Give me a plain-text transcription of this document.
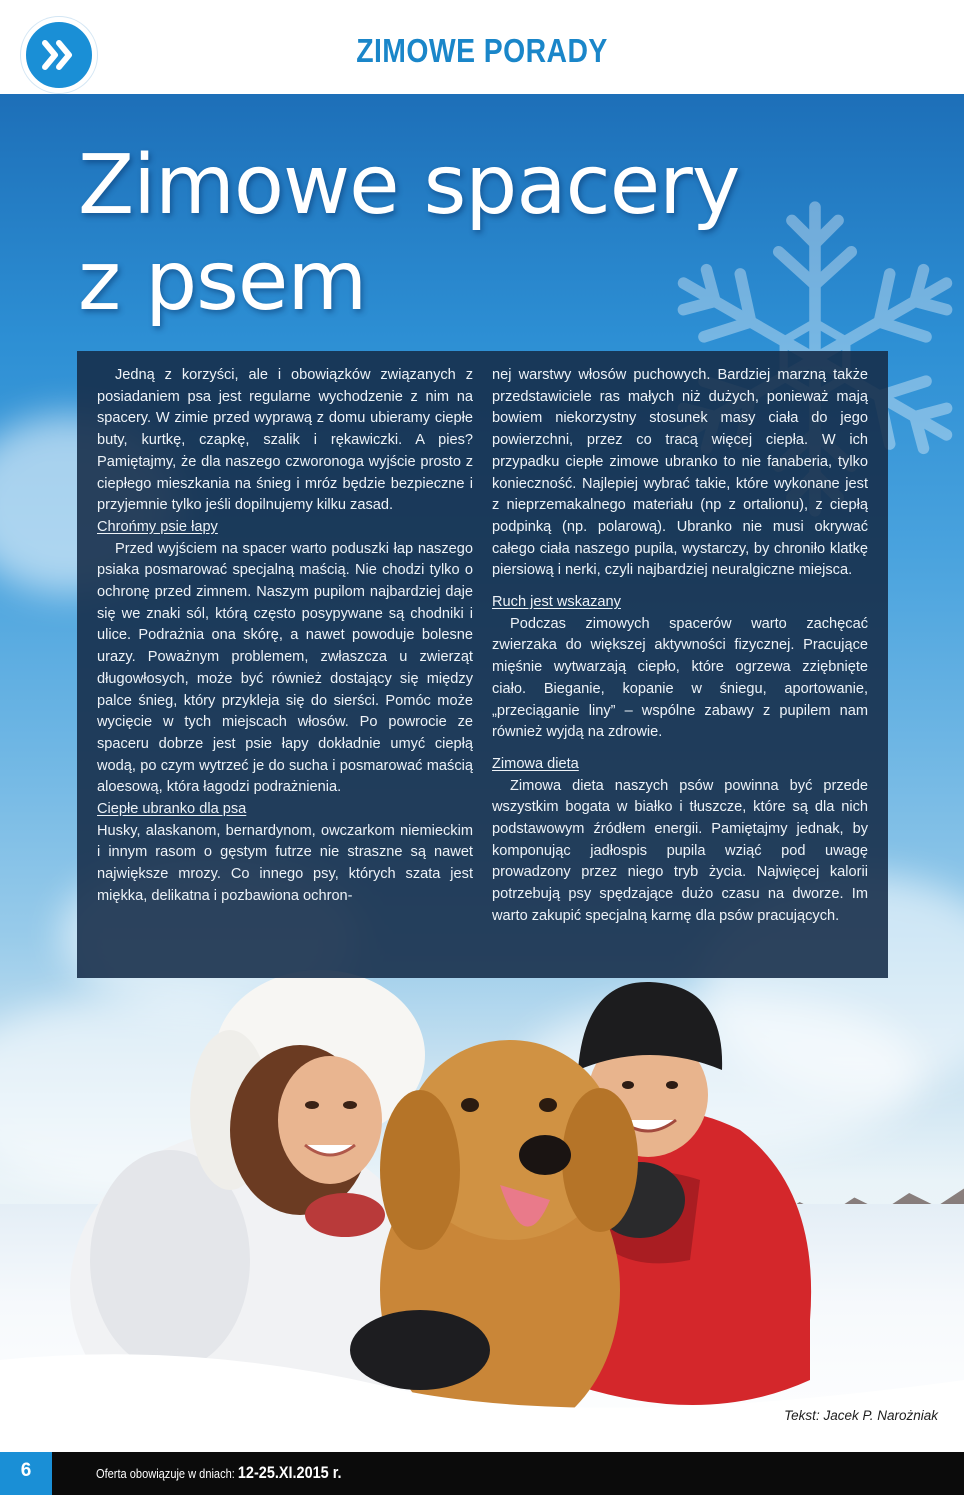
ZIMOWE PORADY
Zimowe spacery
z psem

Jedną z korzyści, ale i obowiązków związanych z posiadaniem psa jest regularne wychodzenie z nim na spacery. W zimie przed wyprawą z domu ubieramy ciepłe buty, kurtkę, czapkę, szalik i rękawiczki. A pies? Pamiętajmy, że dla naszego czworonoga wyjście prosto z ciepłego mieszkania na śnieg i mróz będzie bezpieczne i przyjemnie tylko jeśli dopilnujemy kilku zasad.

Chrońmy psie łapy

Przed wyjściem na spacer warto poduszki łap naszego psiaka posmarować specjalną maścią. Nie chodzi tylko o ochronę przed zimnem. Naszym pupilom najbardziej daje się we znaki sól, którą często posypywane są chodniki i ulice. Podrażnia ona skórę, a nawet powoduje bolesne urazy. Poważnym problemem, zwłaszcza u zwierząt długowłosych, może być również dostający się między palce śnieg, który przykleja się do sierści. Pomóc może wycięcie w tych miejscach włosów. Po powrocie ze spaceru dobrze jest psie łapy dokładnie umyć ciepłą wodą, po czym wytrzeć je do sucha i posmarować maścią aloesową, która łagodzi podrażnienia.

Ciepłe ubranko dla psa

Husky, alaskanom, bernardynom, owczarkom niemieckim i innym rasom o gęstym futrze nie straszne są nawet największe mrozy. Co innego psy, których szata jest miękka, delikatna i pozbawiona ochron-

nej warstwy włosów puchowych. Bardziej marzną także przedstawiciele ras małych niż dużych, ponieważ mają bowiem niekorzystny stosunek masy ciała do jego powierzchni, przez co tracą więcej ciepła. W ich przypadku ciepłe zimowe ubranko to nie fanaberia, tylko konieczność. Najlepiej wybrać takie, które wykonane jest z nieprzemakalnego materiału (np z ortalionu), z ciepłą podpinką (np. polarową). Ubranko nie musi okrywać całego ciała naszego pupila, wystarczy, by chroniło klatkę piersiową i nerki, czyli najbardziej neuralgiczne miejsca.

Ruch jest wskazany

Podczas zimowych spacerów warto zachęcać zwierzaka do większej aktywności fizycznej. Pracujące mięśnie wytwarzają ciepło, które ogrzewa zziębnięte ciało. Bieganie, kopanie w śniegu, aportowanie, „przeciąganie liny” – wspólne zabawy z pupilem nam również wyjdą na zdrowie.

Zimowa dieta

Zimowa dieta naszych psów powinna być przede wszystkim bogata w białko i tłuszcze, które są dla nich podstawowym źródłem energii. Pamiętajmy jednak, by komponując jadłospis pupila wziąć pod uwagę prowadzony przez niego tryb życia. Najwięcej kalorii potrzebują psy spędzające dużo czasu na dworze. Im warto zakupić specjalną karmę dla psów pracujących.

Tekst: Jacek P. Narożniak
6	Oferta obowiązuje w dniach: 12-25.XI.2015 r.
